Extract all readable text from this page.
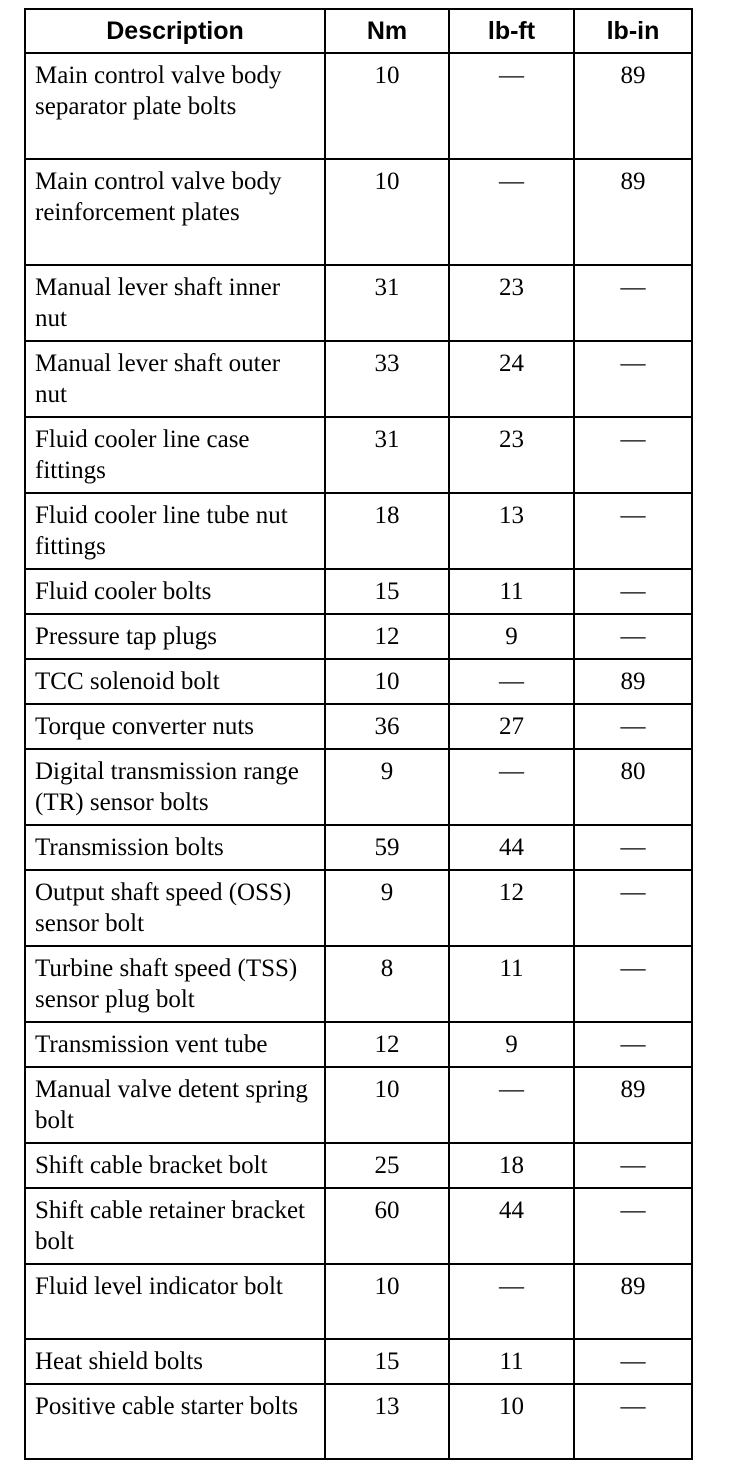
Description	Nm	lb-ft	lb-in
Main control valve body separator plate bolts	10	—	89
Main control valve body reinforcement plates	10	—	89
Manual lever shaft inner nut	31	23	—
Manual lever shaft outer nut	33	24	—
Fluid cooler line case fittings	31	23	—
Fluid cooler line tube nut fittings	18	13	—
Fluid cooler bolts	15	11	—
Pressure tap plugs	12	9	—
TCC solenoid bolt	10	—	89
Torque converter nuts	36	27	—
Digital transmission range (TR) sensor bolts	9	—	80
Transmission bolts	59	44	—
Output shaft speed (OSS) sensor bolt	9	12	—
Turbine shaft speed (TSS) sensor plug bolt	8	11	—
Transmission vent tube	12	9	—
Manual valve detent spring bolt	10	—	89
Shift cable bracket bolt	25	18	—
Shift cable retainer bracket bolt	60	44	—
Fluid level indicator bolt	10	—	89
Heat shield bolts	15	11	—
Positive cable starter bolts	13	10	—
